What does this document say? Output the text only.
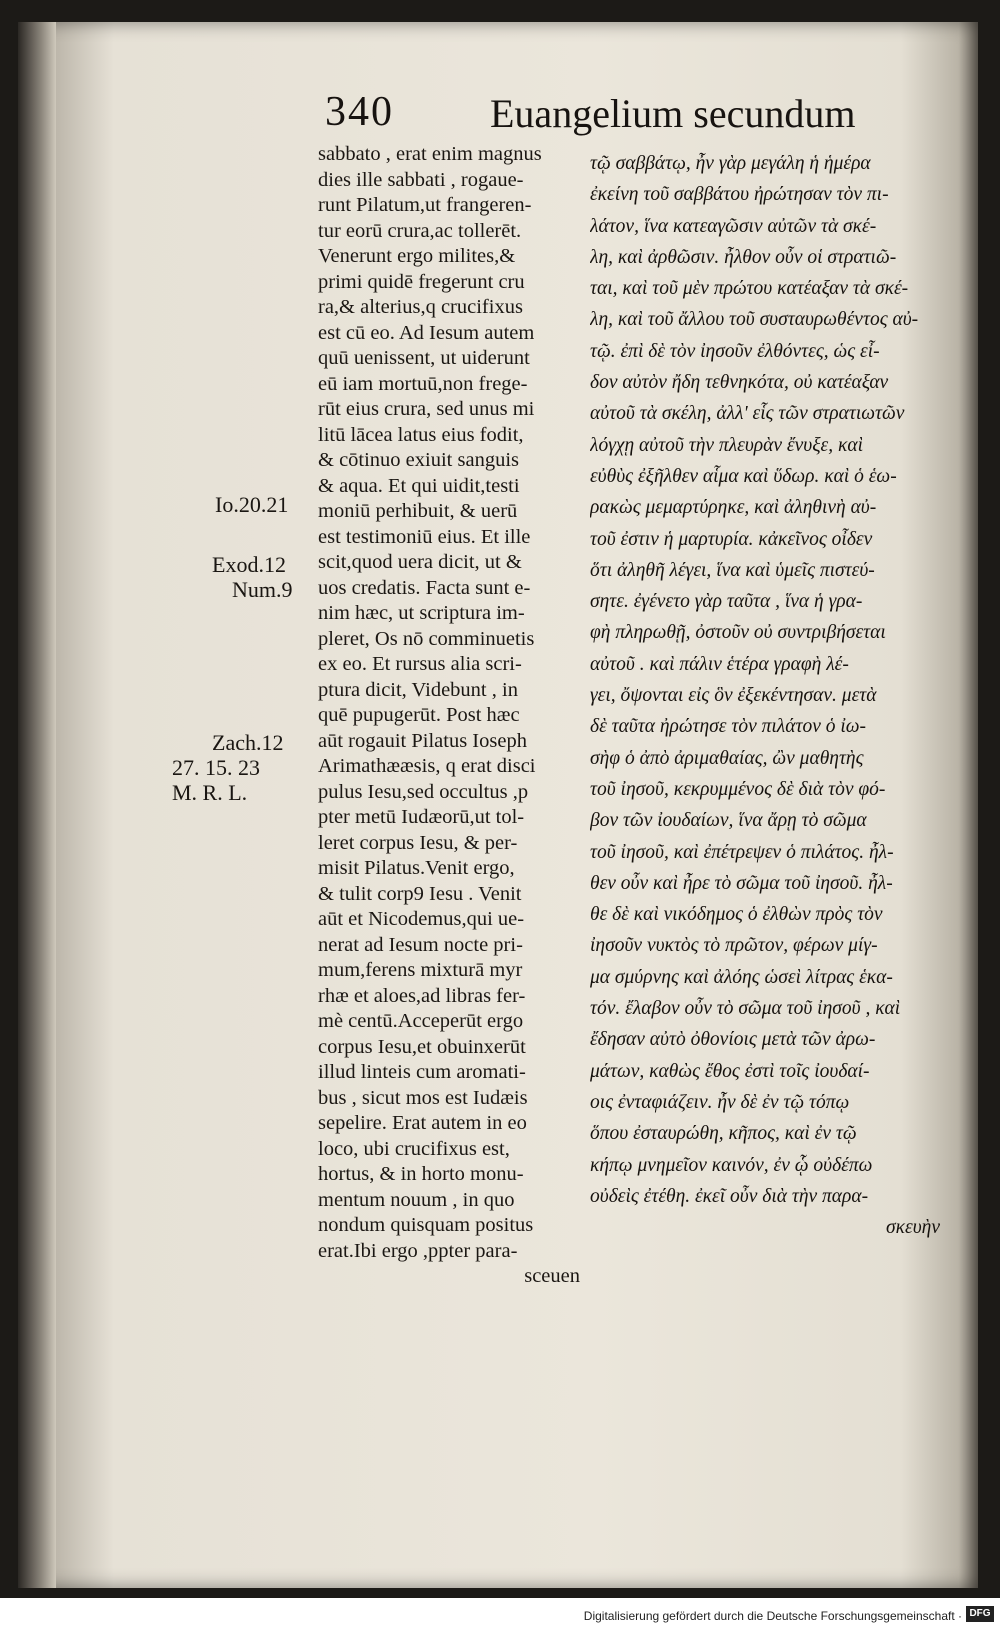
340 Euangelium secundum
Io.20.21
Exod.12
Num.9
Zach.12
27. 15. 23
M. R. L.
sabbato , erat enim magnus
dies ille sabbati , rogaue-
runt Pilatum,ut frangeren-
tur eorū crura,ac tollerēt.
Venerunt ergo milites,&
primi quidē fregerunt cru
ra,& alterius,q crucifixus
est cū eo. Ad Iesum autem
quū uenissent, ut uiderunt
eū iam mortuū,non frege-
rūt eius crura, sed unus mi
litū lācea latus eius fodit,
& cōtinuo exiuit sanguis
& aqua. Et qui uidit,testi
moniū perhibuit, & uerū
est testimoniū eius. Et ille
scit,quod uera dicit, ut &
uos credatis. Facta sunt e-
nim hæc, ut scriptura im-
pleret, Os nō comminuetis
ex eo. Et rursus alia scri-
ptura dicit, Videbunt , in
quē pupugerūt. Post hæc
aūt rogauit Pilatus Ioseph
Arimathææsis, q erat disci
pulus Iesu,sed occultus ,p
pter metū Iudæorū,ut tol-
leret corpus Iesu, & per-
misit Pilatus.Venit ergo,
& tulit corp9 Iesu . Venit
aūt et Nicodemus,qui ue-
nerat ad Iesum nocte pri-
mum,ferens mixturā myr
rhæ et aloes,ad libras fer-
mè centū.Acceperūt ergo
corpus Iesu,et obuinxerūt
illud linteis cum aromati-
bus , sicut mos est Iudæis
sepelire. Erat autem in eo
loco, ubi crucifixus est,
hortus, & in horto monu-
mentum nouum , in quo
nondum quisquam positus
erat.Ibi ergo ,ppter para-
sceuen
τῷ σαββάτῳ, ἦν γὰρ μεγάλη ἡ ἡμέρα
ἐκείνη τοῦ σαββάτου ἠρώτησαν τὸν πι-
λάτον, ἵνα κατεαγῶσιν αὐτῶν τὰ σκέ-
λη, καὶ ἀρθῶσιν. ἦλθον οὖν οἱ στρατιῶ-
ται, καὶ τοῦ μὲν πρώτου κατέαξαν τὰ σκέ-
λη, καὶ τοῦ ἄλλου τοῦ συσταυρωθέντος αὐ-
τῷ. ἐπὶ δὲ τὸν ἰησοῦν ἐλθόντες, ὡς εἶ-
δον αὐτὸν ἤδη τεθνηκότα, οὐ κατέαξαν
αὐτοῦ τὰ σκέλη, ἀλλ' εἷς τῶν στρατιωτῶν
λόγχῃ αὐτοῦ τὴν πλευρὰν ἔνυξε, καὶ
εὐθὺς ἐξῆλθεν αἷμα καὶ ὕδωρ. καὶ ὁ ἑω-
ρακὼς μεμαρτύρηκε, καὶ ἀληθινὴ αὐ-
τοῦ ἐστιν ἡ μαρτυρία. κἀκεῖνος οἶδεν
ὅτι ἀληθῆ λέγει, ἵνα καὶ ὑμεῖς πιστεύ-
σητε. ἐγένετο γὰρ ταῦτα , ἵνα ἡ γρα-
φὴ πληρωθῇ, ὀστοῦν οὐ συντριβήσεται
αὐτοῦ . καὶ πάλιν ἑτέρα γραφὴ λέ-
γει, ὄψονται εἰς ὃν ἐξεκέντησαν. μετὰ
δὲ ταῦτα ἠρώτησε τὸν πιλάτον ὁ ἰω-
σὴφ ὁ ἀπὸ ἀριμαθαίας, ὢν μαθητὴς
τοῦ ἰησοῦ, κεκρυμμένος δὲ διὰ τὸν φό-
βον τῶν ἰουδαίων, ἵνα ἄρῃ τὸ σῶμα
τοῦ ἰησοῦ, καὶ ἐπέτρεψεν ὁ πιλάτος. ἦλ-
θεν οὖν καὶ ἦρε τὸ σῶμα τοῦ ἰησοῦ. ἦλ-
θε δὲ καὶ νικόδημος ὁ ἐλθὼν πρὸς τὸν
ἰησοῦν νυκτὸς τὸ πρῶτον, φέρων μίγ-
μα σμύρνης καὶ ἀλόης ὡσεὶ λίτρας ἑκα-
τόν. ἔλαβον οὖν τὸ σῶμα τοῦ ἰησοῦ , καὶ
ἔδησαν αὐτὸ ὀθονίοις μετὰ τῶν ἀρω-
μάτων, καθὼς ἔθος ἐστὶ τοῖς ἰουδαί-
οις ἐνταφιάζειν. ἦν δὲ ἐν τῷ τόπῳ
ὅπου ἐσταυρώθη, κῆπος, καὶ ἐν τῷ
κήπῳ μνημεῖον καινόν, ἐν ᾧ οὐδέπω
οὐδεὶς ἐτέθη. ἐκεῖ οὖν διὰ τὴν παρα-
σκευὴν
Digitalisierung gefördert durch die Deutsche Forschungsgemeinschaft · DFG
